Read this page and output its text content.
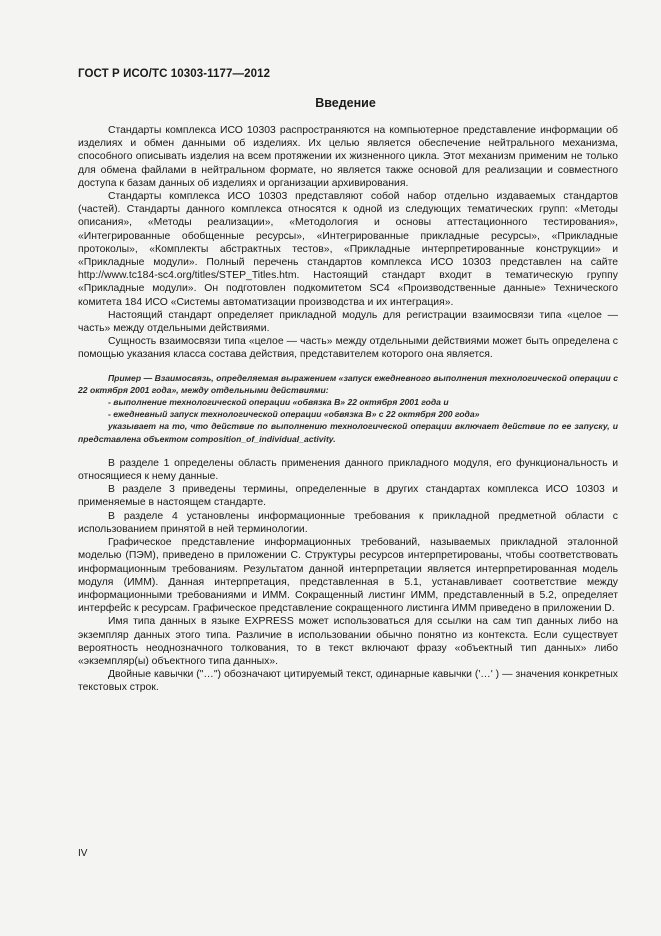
ГОСТ Р ИСО/ТС 10303-1177—2012
Введение

Стандарты комплекса ИСО 10303 распространяются на компьютерное представление информации об изделиях и обмен данными об изделиях. Их целью является обеспечение нейтрального механизма, способного описывать изделия на всем протяжении их жизненного цикла. Этот механизм применим не только для обмена файлами в нейтральном формате, но является также основой для реализации и совместного доступа к базам данных об изделиях и организации архивирования.

Стандарты комплекса ИСО 10303 представляют собой набор отдельно издаваемых стандартов (частей). Стандарты данного комплекса относятся к одной из следующих тематических групп: «Методы описания», «Методы реализации», «Методология и основы аттестационного тестирования», «Интегрированные обобщенные ресурсы», «Интегрированные прикладные ресурсы», «Прикладные протоколы», «Комплекты абстрактных тестов», «Прикладные интерпретированные конструкции» и «Прикладные модули». Полный перечень стандартов комплекса ИСО 10303 представлен на сайте http://www.tc184-sc4.org/titles/STEP_Titles.htm. Настоящий стандарт входит в тематическую группу «Прикладные модули». Он подготовлен подкомитетом SC4 «Производственные данные» Технического комитета 184 ИСО «Системы автоматизации производства и их интеграция».

Настоящий стандарт определяет прикладной модуль для регистрации взаимосвязи типа «целое — часть» между отдельными действиями.

Сущность взаимосвязи типа «целое — часть» между отдельными действиями может быть определена с помощью указания класса состава действия, представителем которого она является.

Пример — Взаимосвязь, определяемая выражением «запуск ежедневного выполнения технологической операции с 22 октября 2001 года», между отдельными действиями:
- выполнение технологической операции «обвязка В» 22 октября 2001 года и
- ежедневный запуск технологической операции «обвязка В» с 22 октября 200 года»
указывает на то, что действие по выполнению технологической операции включает действие по ее запуску, и представлена объектом composition_of_individual_activity.

В разделе 1 определены область применения данного прикладного модуля, его функциональность и относящиеся к нему данные.

В разделе 3 приведены термины, определенные в других стандартах комплекса ИСО 10303 и применяемые в настоящем стандарте.

В разделе 4 установлены информационные требования к прикладной предметной области с использованием принятой в ней терминологии.

Графическое представление информационных требований, называемых прикладной эталонной моделью (ПЭМ), приведено в приложении С. Структуры ресурсов интерпретированы, чтобы соответствовать информационным требованиям. Результатом данной интерпретации является интерпретированная модель модуля (ИММ). Данная интерпретация, представленная в 5.1, устанавливает соответствие между информационными требованиями и ИММ. Сокращенный листинг ИММ, представленный в 5.2, определяет интерфейс к ресурсам. Графическое представление сокращенного листинга ИММ приведено в приложении D.

Имя типа данных в языке EXPRESS может использоваться для ссылки на сам тип данных либо на экземпляр данных этого типа. Различие в использовании обычно понятно из контекста. Если существует вероятность неоднозначного толкования, то в текст включают фразу «объектный тип данных» либо «экземпляр(ы) объектного типа данных».

Двойные кавычки ("…") обозначают цитируемый текст, одинарные кавычки ('…' ) — значения конкретных текстовых строк.

IV
